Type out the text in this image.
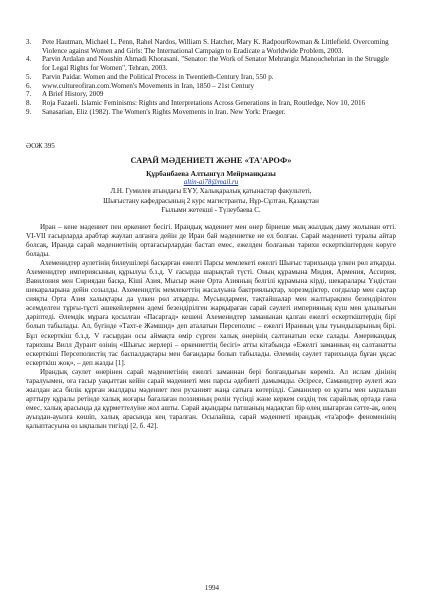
3.	Pete Hautman, Michael L. Penn, Rahel Nardos, William S. Hatcher, Mary K. RadpourRowman & Littlefield. Overcoming Violence against Women and Girls: The International Campaign to Eradicate a Worldwide Problem, 2003.
4.	Parvin Ardalan and Noushin Ahmadi Khorasani. "Senator: the Work of Senator Mehrangiz Manouchehrian in the Struggle for Legal Rights for Women", Tehran, 2003.
5.	Parvin Paidar. Women and the Political Process in Twentieth-Century Iran, 550 p.
6.	www.cultureofiran.com.Women's Movements in Iran, 1850 – 21st Century
7.	A Brief History, 2009
8.	Roja Fazaeli. Islamic Feminisms: Rights and Interpretations Across Generations in Iran, Routledge, Nov 10, 2016
9.	Sanasarian, Eliz (1982). The Women's Rights Movements in Iran. New York: Praeger.
ӘОЖ 395
САРАЙ МӘДЕНИЕТІ ЖӘНЕ «ТА'АРОФ»
Құрбанбаева Алтынгүл Мейрманқызы
altin-ai78@mail.ru
Л.Н. Гумилев атындағы ЕҰУ, Халықаралық қатынастар факультеті,
Шығыстану кафедрасының 2 курс магистранты, Нұр-Сұлтан, Қазақстан
Ғылыми жетекші - Түлеубаева С.

Иран – кене мәдениет пен өркениет бесігі. Ирандық мәдениет мен өнер бірнеше мың жылдық даму жолынан өтті. VI-VII ғасырларда арабтар жаулап алғанға дейін де Иран бай мәдениетке ие ел болған. Сарай мәдениеті туралы айтар болсақ, Иранда сарай мәдениетінің ортағасырлардан бастап емес, ежелден болғанын тарихи ескерткіштерден көруге болады.

Ахеменидтер әулетінің билеушілері басқарған ежелгі Парсы мемлекеті ежелгі Шығыс тарихында үлкен рөл атқарды. Ахеменидтер империясының құрылуы б.з.д. V ғасырда шарықтай түсті. Оның құрамына Мидия, Армения, Ассирия, Вавилония мен Сириядан басқа, Кіші Азия, Мысыр және Орта Азияның белгілі құрамына кірді, шекаралары Үндістан шекараларына дейін созылды. Ахеменидтік мемлекеттің жасалуына бактриялықтар, хорезмдіктер, соғдылар мен сақтар сияқты Орта Азия халықтары да үлкен рөл атқарды. Мусындармен, тақтайшалар мен жалтырақпен безендірілген әсемделген тұрғы-тұсті әшекейлермен әдемі безендірілген жарқыраған сарай сәулеті империяның күш мен ұлылығын дәріптеді. Әлемдік мұраға қосылған «Пасаргад» кешені Ахеменидтер заманынан қалған ежелгі ескерткіштердің бірі болып табылады. Ал, бүгінде «Тахт-е Жәмшид» деп аталатын Персеполис – ежелгі Иранның ұлы туындыларының бірі. Бұл ескерткіш б.з.д. V ғасырдан осы аймақта өмір сүрген халық өнерінің салтанатын еске салады. Американдық тарихшы Вилл Дурант өзінің «Шығыс жерлері – өркениеттің бесігі» атты кітабында «Ежелгі заманның ең салтанатты ескерткіші Персеполистің тас баспалдақтары мен бағандары болып табылады. Әлемнің сәулет тарихында бұған ұқсас ескерткіш жоқ», – деп жазды [1].

Ирандық сәулет өнерінен сарай мәдениетінің ежелгі заманнан бері болғандығын көреміз. Ал ислам дінінің таралуымен, оға ғасыр уақыттан кейін сарай мәдениеті мен парсы әдебиеті дамымады. Әсіресе, Саманидтер әулеті жаз жылдан аса билік құрған жылдары мәдениет пен руханият жаңа сатыға көтерілді. Саманилер өз қуаты мен ықпалын арттыру құралы ретінде халық жоғары бағалаған поэзияның рөлін түсінді және керкем сөздің тек сарайлық ортада ғана емес, халық арасында да құрметтелуіне жол ашты. Сарай ақындары патшаның мадақтап бір өлең шығарған сәтте-ақ, өлең ауыздан-ауызға көшіп, халық арасында кең таралған. Осылайша, сарай мәдениеті ирандық «та'ароф» феноменінің қалыптасуына өз ықпалын тигізді [2, б. 42].

1994
